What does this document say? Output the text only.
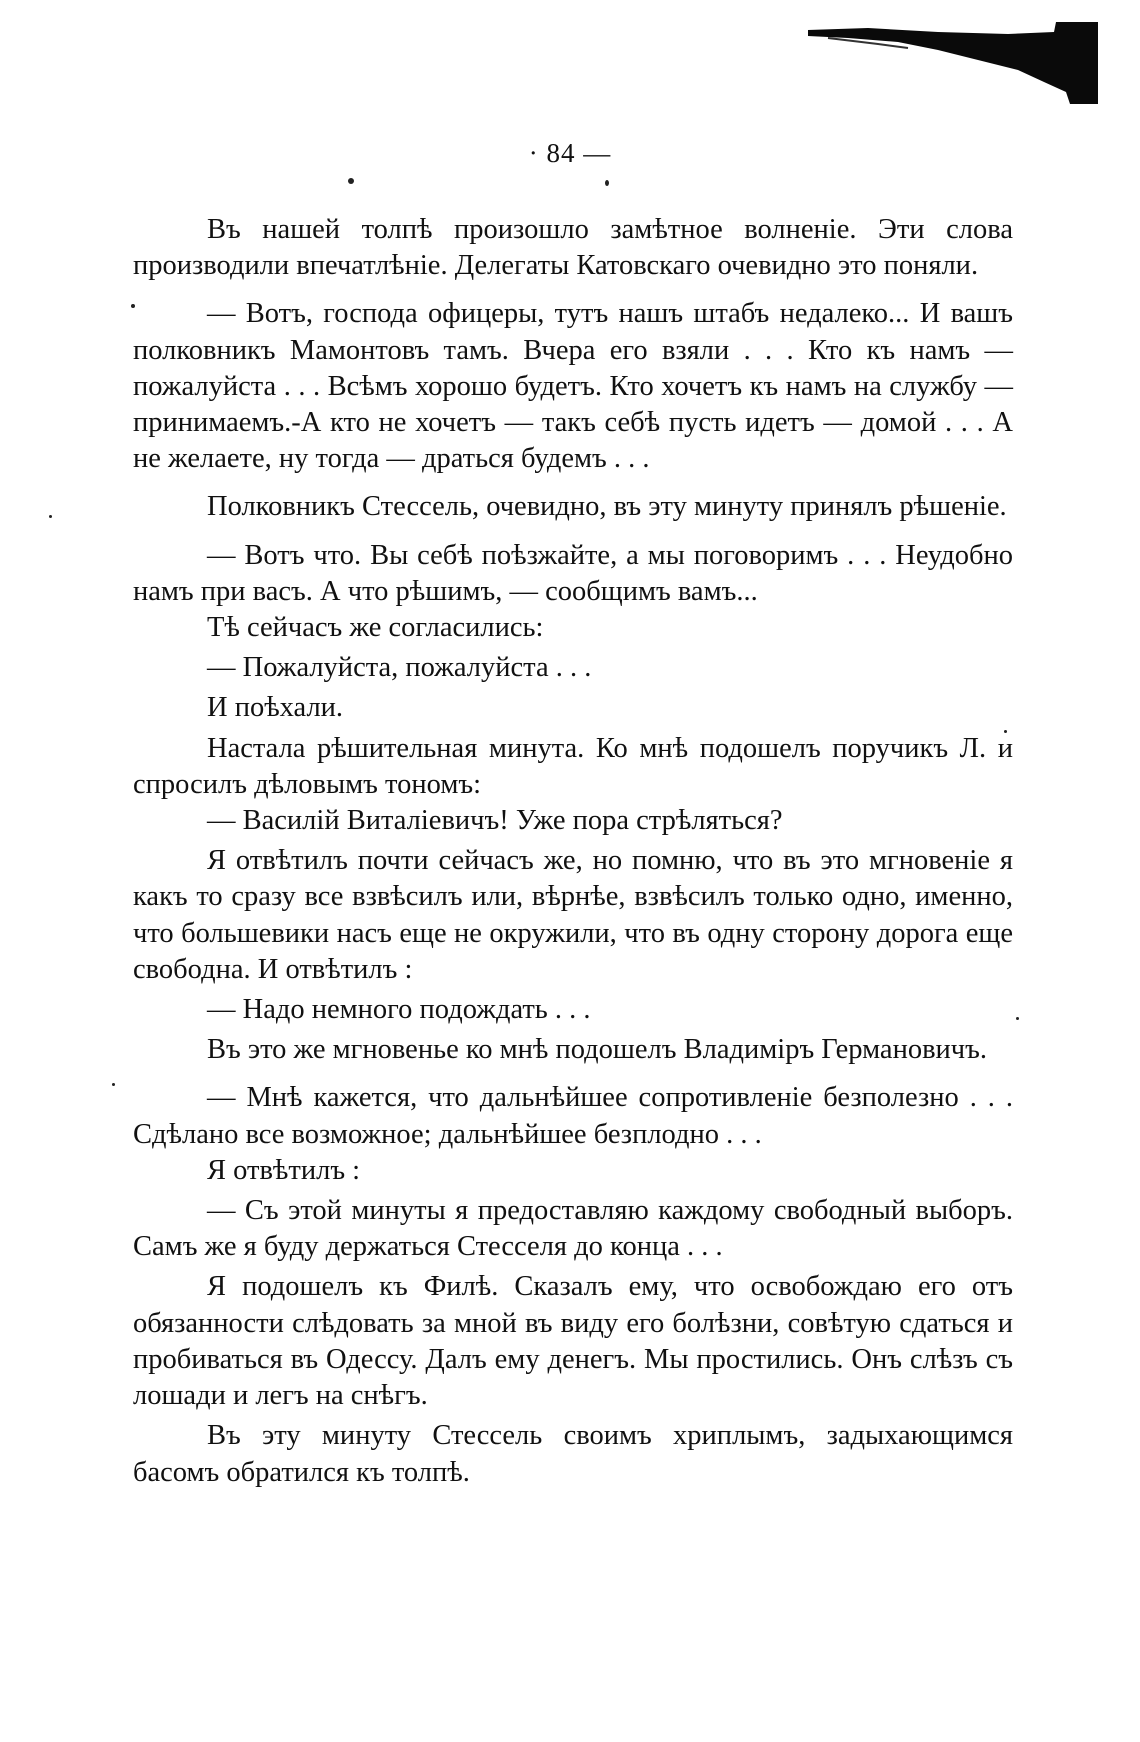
· 84 —

Въ нашей толпѣ произошло замѣтное волненіе. Эти слова производили впечатлѣніе. Делегаты Катовскаго очевидно это поняли.

— Вотъ, господа офицеры, тутъ нашъ штабъ недалеко... И вашъ полковникъ Мамонтовъ тамъ. Вчера его взяли . . . Кто къ намъ — пожалуйста . . . Всѣмъ хорошо будетъ. Кто хочетъ къ намъ на службу — принимаемъ.-А кто не хочетъ — такъ себѣ пусть идетъ — домой . . . А не желаете, ну тогда — драться будемъ . . .

Полковникъ Стессель, очевидно, въ эту минуту принялъ рѣшеніе.

— Вотъ что. Вы себѣ поѣзжайте, а мы поговоримъ . . . Неудобно намъ при васъ. А что рѣшимъ, — сообщимъ вамъ...

Тѣ сейчасъ же согласились:

— Пожалуйста, пожалуйста . . .

И поѣхали.

Настала рѣшительная минута. Ко мнѣ подошелъ поручикъ Л. и спросилъ дѣловымъ тономъ:

— Василій Виталіевичъ! Уже пора стрѣляться?

Я отвѣтилъ почти сейчасъ же, но помню, что въ это мгновеніе я какъ то сразу все взвѣсилъ или, вѣрнѣе, взвѣсилъ только одно, именно, что большевики насъ еще не окружили, что въ одну сторону дорога еще свободна. И отвѣтилъ :

— Надо немного подождать . . .

Въ это же мгновенье ко мнѣ подошелъ Владиміръ Германовичъ.

— Мнѣ кажется, что дальнѣйшее сопротивленіе безполезно . . . Сдѣлано все возможное; дальнѣйшее безплодно . . .

Я отвѣтилъ :

— Съ этой минуты я предоставляю каждому свободный выборъ. Самъ же я буду держаться Стесселя до конца . . .

Я подошелъ къ Филѣ. Сказалъ ему, что освобождаю его отъ обязанности слѣдовать за мной въ виду его болѣзни, совѣтую сдаться и пробиваться въ Одессу. Далъ ему денегъ. Мы простились. Онъ слѣзъ съ лошади и легъ на снѣгъ.

Въ эту минуту Стессель своимъ хриплымъ, задыхающимся басомъ обратился къ толпѣ.
